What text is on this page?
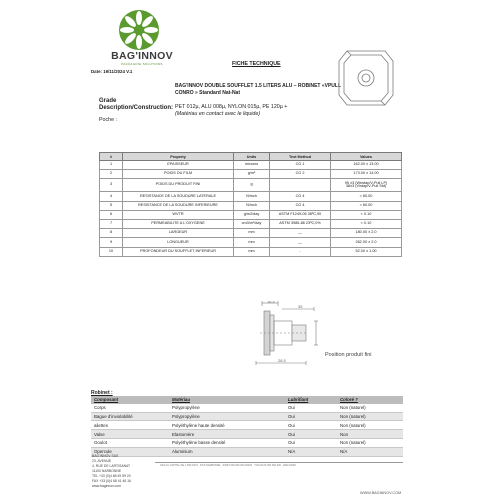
BAG'INNOV
PACKAGING SOLUTIONS	FICHE TECHNIQUE
Date: 19/11/2024 V.1
BAG'INNOV DOUBLE SOUFFLET 1.5 LITERS ALU – ROBINET «VPULL CONRO » Standard Nat-Nat
Grade
Description/Construction: PET 012µ, ALU 008µ, NYLON 015µ, PE 120µ +
(Matériau en contact avec le liquide)
Poche :
#	Property	Units	Test Method	Values
1	EPAISSEUR	microns	CG 1	162.00 ± 13.00
2	POIDS DU FILM	g/m²	CG 2	173.00 ± 14.00
3	POIDS DU PRODUIT FINI	g		95 ±3 (Westap/V-Pull LP)
38±3 (Vintap/V-Pull Std)
4	RESISTANCE DE LA SOUDURE LATERALE	N/inch	CG 4	> 60.00
5	RESISTANCE DE LA SOUDURE INFERIEURE	N/inch	CG 4	> 60.00
6	WVTR	g/m2/day	ASTM F1249-06 38ºC,90	< 0.10
7	PERMEABILITE A L'OXYGENE	cm3/m²/day	ASTM 3985-88 23ºC,0%	< 0.10
8	LARGEUR	mm	__	180.00 ± 2.0
9	LONGUEUR	mm	__	262.00 ± 2.0
10	PROFONDEUR DU SOUFFLET INFERIEUR	mm	-	52.00 ± 1.00
Robinet :
Composant	Matériau	Lubrifiant	Coloré ?
Corps	Polypropylène	Oui	Non (naturel)
Bague d'inviolabilité	Polypropylène	Oui	Non (naturel)
ailettes	Polyéthylène haute densité	Oui	Non (naturel)
Valve	Elastomère	Oui	Non
Goulot	Polyéthylène basse densité	Oui	Non (naturel)
Opercule	Aluminium	N/A	N/A
16.5
35
28.5
Position produit fini
BAG'INNOV SAS
23, AVENUE
4, RUE DE LARTISANAT
11100 NARBONNE
TEL +33 (0)4 68 49 59 20
FAX +33 (0)4 68 41 46 16
www.baginnov.com
SAS AU CAPITAL DE 1 000 000 € · RCS NARBONNE · SIRET 000 000 000 00000 · TVA FR 00 000 000 000 · APE 0000Z
WWW.BAGINNOV.COM
